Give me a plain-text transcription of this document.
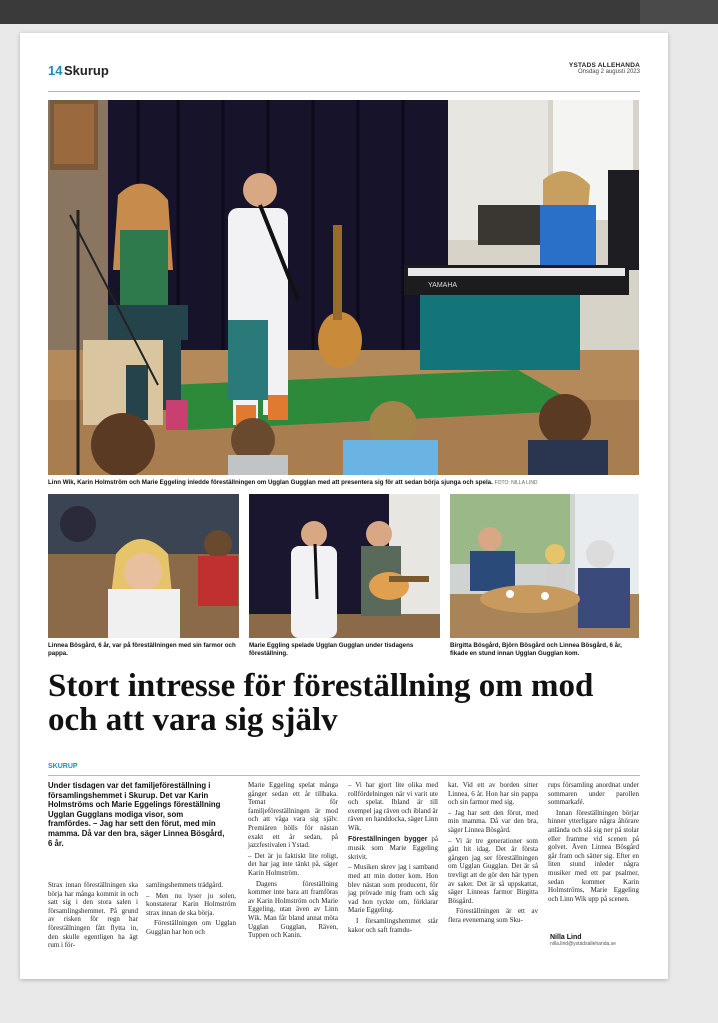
14 Skurup	YSTADS ALLEHANDA
Onsdag 2 augusti 2023
YAMAHA
Linn Wik, Karin Holmström och Marie Eggeling inledde föreställningen om Ugglan Gugglan med att presentera sig för att sedan börja sjunga och spela. FOTO: NILLA LIND
Linnea Bösgård, 6 år, var på föreställningen med sin farmor och pappa.
Marie Eggling spelade Ugglan Gugglan under tisdagens föreställning.
Birgitta Bösgård, Björn Bösgård och Linnea Bösgård, 6 år, fikade en stund innan Ugglan Gugglan kom.
Stort intresse för föreställning om mod och att vara sig själv
SKURUP
Under tisdagen var det familjeföreställning i församlingshemmet i Skurup. Det var Karin Holmströms och Marie Eggelings föreställning Ugglan Gugglans modiga visor, som framfördes. – Jag har sett den förut, med min mamma. Då var den bra, säger Linnea Bösgård, 6 år.

Strax innan föreställningen ska börja har många kommit in och satt sig i den stora salen i församlingshemmet. På grund av risken för regn har föreställningen fått flytta in, den skulle egentligen ha ägt rum i för-

samlingshemmets trädgård.

– Men nu lyser ju solen, konstaterar Karin Holmström strax innan de ska börja.

Föreställningen om Ugglan Gugglan har hon och

Marie Eggeling spelat många gånger sedan ett år tillbaka. Temat för familjeföreställningen är mod och att våga vara sig själv. Premiären hölls för nästan exakt ett år sedan, på jazzfestivalen i Ystad.

– Det är ju faktiskt lite roligt, det har jag inte tänkt på, säger Karin Holmström.

Dagens föreställning kommer inte bara att framföras av Karin Holmström och Marie Eggeling, utan även av Linn Wik. Man får bland annat möta Ugglan Gugglan, Räven, Tuppen och Kanin.

– Vi har gjort lite olika med rollfördelningen när vi varit ute och spelat. Ibland är till exempel jag räven och ibland är räven en handdocka, säger Linn Wik.

Föreställningen bygger på musik som Marie Eggeling skrivit.

– Musiken skrev jag i samband med att min dotter kom. Hon blev nästan som producent, för jag prövade mig fram och såg vad hon tyckte om, förklarar Marie Eggeling.

I församlingshemmet står kakor och saft framdu-

kat. Vid ett av borden sitter Linnea, 6 år. Hon har sin pappa och sin farmor med sig.

– Jag har sett den förut, med min mamma. Då var den bra, säger Linnea Bösgård.

– Vi är tre generationer som gått hit idag. Det är första gången jag ser föreställningen om Ugglan Gugglan. Det är så trevligt att de gör den här typen av saker. Det är så uppskattat, säger Linneas farmor Birgitta Bösgård.

Föreställningen är ett av flera evenemang som Sku-

rups församling anordnat under sommaren under parollen sommarkafé.

Innan föreställningen börjar hinner ytterligare några åhörare anlända och slå sig ner på stolar eller framme vid scenen på golvet. Även Linnea Bösgård går fram och sätter sig. Efter en liten stund inleder några musiker med ett par psalmer, sedan kommer Karin Holmströms, Marie Eggeling och Linn Wik upp på scenen.

Nilla Lind
nilla.lind@ystadsallehanda.se
